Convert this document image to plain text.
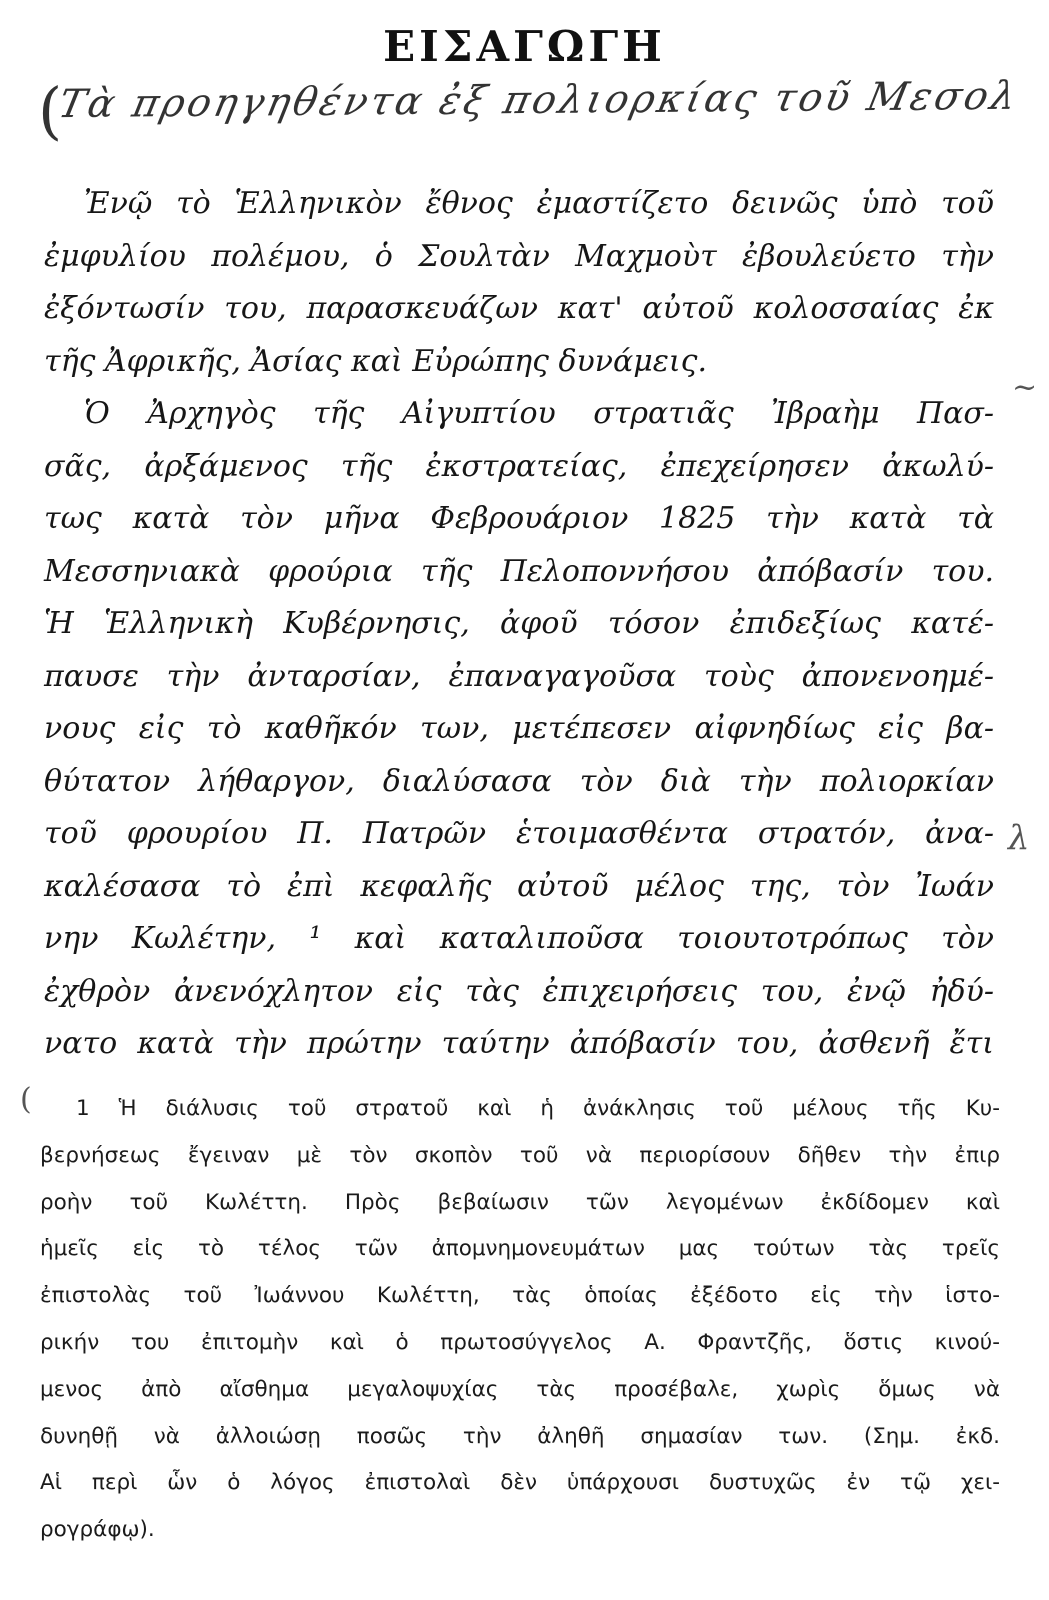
ΕΙΣΑΓΩΓΗ
(
Τὰ προηγηθέντα ἐξ πολιορκίας τοῦ Μεσολ
Ἐνῷ τὸ Ἑλληνικὸν ἔθνος ἐμαστίζετο δεινῶς ὑπὸ τοῦ
ἐμφυλίου πολέμου, ὁ Σουλτὰν Μαχμοὺτ ἐβουλεύετο τὴν
ἐξόντωσίν του, παρασκευάζων κατ' αὐτοῦ κολοσσαίας ἐκ
τῆς Ἀφρικῆς, Ἀσίας καὶ Εὐρώπης δυνάμεις.
Ὁ Ἀρχηγὸς τῆς Αἰγυπτίου στρατιᾶς Ἰβραὴμ Πασ-
σᾶς, ἀρξάμενος τῆς ἐκστρατείας, ἐπεχείρησεν ἀκωλύ-
τως κατὰ τὸν μῆνα Φεβρουάριον 1825 τὴν κατὰ τὰ
Μεσσηνιακὰ φρούρια τῆς Πελοποννήσου ἀπόβασίν του.
Ἡ Ἑλληνικὴ Κυβέρνησις, ἀφοῦ τόσον ἐπιδεξίως κατέ-
παυσε τὴν ἀνταρσίαν, ἐπαναγαγοῦσα τοὺς ἀπονενοημέ-
νους εἰς τὸ καθῆκόν των, μετέπεσεν αἰφνηδίως εἰς βα-
θύτατον λήθαργον, διαλύσασα τὸν διὰ τὴν πολιορκίαν
τοῦ φρουρίου Π. Πατρῶν ἑτοιμασθέντα στρατόν, ἀνα-
καλέσασα τὸ ἐπὶ κεφαλῆς αὐτοῦ μέλος της, τὸν Ἰωάν
νην Κωλέτην, ¹ καὶ καταλιποῦσα τοιουτοτρόπως τὸν
ἐχθρὸν ἀνενόχλητον εἰς τὰς ἐπιχειρήσεις του, ἐνῷ ἠδύ-
νατο κατὰ τὴν πρώτην ταύτην ἀπόβασίν του, ἀσθενῆ ἔτι
1 Ἡ διάλυσις τοῦ στρατοῦ καὶ ἡ ἀνάκλησις τοῦ μέλους τῆς Κυ-
βερνήσεως ἔγειναν μὲ τὸν σκοπὸν τοῦ νὰ περιορίσουν δῆθεν τὴν ἐπιρ
ροὴν τοῦ Κωλέττη. Πρὸς βεβαίωσιν τῶν λεγομένων ἐκδίδομεν καὶ
ἡμεῖς εἰς τὸ τέλος τῶν ἀπομνημονευμάτων μας τούτων τὰς τρεῖς
ἐπιστολὰς τοῦ Ἰωάννου Κωλέττη, τὰς ὁποίας ἐξέδοτο εἰς τὴν ἱστο-
ρικήν του ἐπιτομὴν καὶ ὁ πρωτοσύγγελος Α. Φραντζῆς, ὅστις κινού-
μενος ἀπὸ αἴσθημα μεγαλοψυχίας τὰς προσέβαλε, χωρὶς ὅμως νὰ
δυνηθῇ νὰ ἀλλοιώσῃ ποσῶς τὴν ἀληθῆ σημασίαν των. (Σημ. ἐκδ.
Αἱ περὶ ὧν ὁ λόγος ἐπιστολαὶ δὲν ὑπάρχουσι δυστυχῶς ἐν τῷ χει-
ρογράφῳ).
~
λ
(
